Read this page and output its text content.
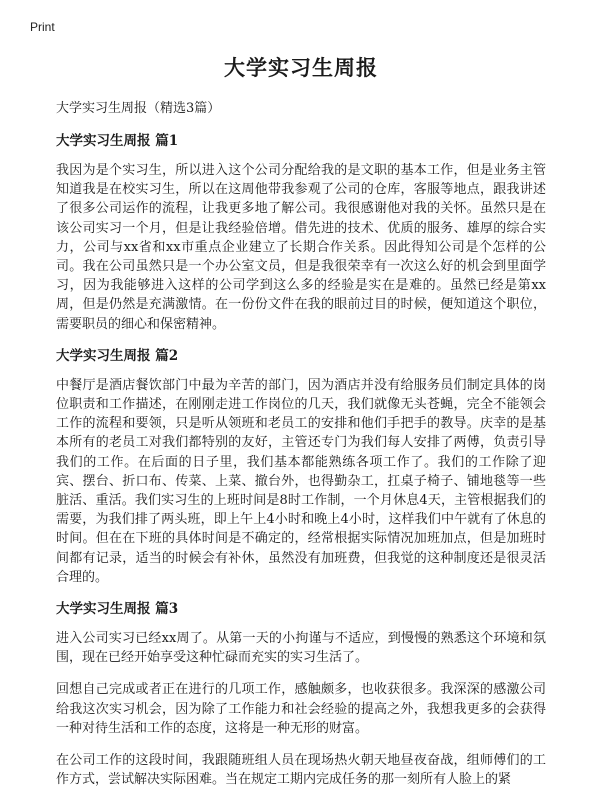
Print
大学实习生周报
大学实习生周报（精选3篇）
大学实习生周报 篇1

我因为是个实习生，所以进入这个公司分配给我的是文职的基本工作，但是业务主管知道我是在校实习生，所以在这周他带我参观了公司的仓库，客服等地点，跟我讲述了很多公司运作的流程，让我更多地了解公司。我很感谢他对我的关怀。虽然只是在该公司实习一个月，但是让我经验倍增。借先进的技术、优质的服务、雄厚的综合实力，公司与xx省和xx市重点企业建立了长期合作关系。因此得知公司是个怎样的公司。我在公司虽然只是一个办公室文员，但是我很荣幸有一次这么好的机会到里面学习，因为我能够进入这样的公司学到这么多的经验是实在是难的。虽然已经是第xx周，但是仍然是充满激情。在一份份文件在我的眼前过目的时候，便知道这个职位，需要职员的细心和保密精神。

大学实习生周报 篇2

中餐厅是酒店餐饮部门中最为辛苦的部门，因为酒店并没有给服务员们制定具体的岗位职责和工作描述，在刚刚走进工作岗位的几天，我们就像无头苍蝇，完全不能领会工作的流程和要领，只是听从领班和老员工的安排和他们手把手的教导。庆幸的是基本所有的老员工对我们都特别的友好，主管还专门为我们每人安排了两傅，负责引导我们的工作。在后面的日子里，我们基本都能熟练各项工作了。我们的工作除了迎宾、摆台、折口布、传菜、上菜、撤台外，也得勤杂工，扛桌子椅子、铺地毯等一些脏活、重活。我们实习生的上班时间是8时工作制，一个月休息4天，主管根据我们的需要，为我们排了两头班，即上午上4小时和晚上4小时，这样我们中午就有了休息的时间。但在在下班的具体时间是不确定的，经常根据实际情况加班加点，但是加班时间都有记录，适当的时候会有补休，虽然没有加班费，但我觉的这种制度还是很灵活合理的。

大学实习生周报 篇3

进入公司实习已经xx周了。从第一天的小拘谨与不适应，到慢慢的熟悉这个环境和氛围，现在已经开始享受这种忙碌而充实的实习生活了。

回想自己完成或者正在进行的几项工作，感触颇多，也收获很多。我深深的感激公司给我这次实习机会，因为除了工作能力和社会经验的提高之外，我想我更多的会获得一种对待生活和工作的态度，这将是一种无形的财富。

在公司工作的这段时间，我跟随班组人员在现场热火朝天地昼夜奋战，组师傅们的工作方式，尝试解决实际困难。当在规定工期内完成任务的那一刻所有人脸上的紧
